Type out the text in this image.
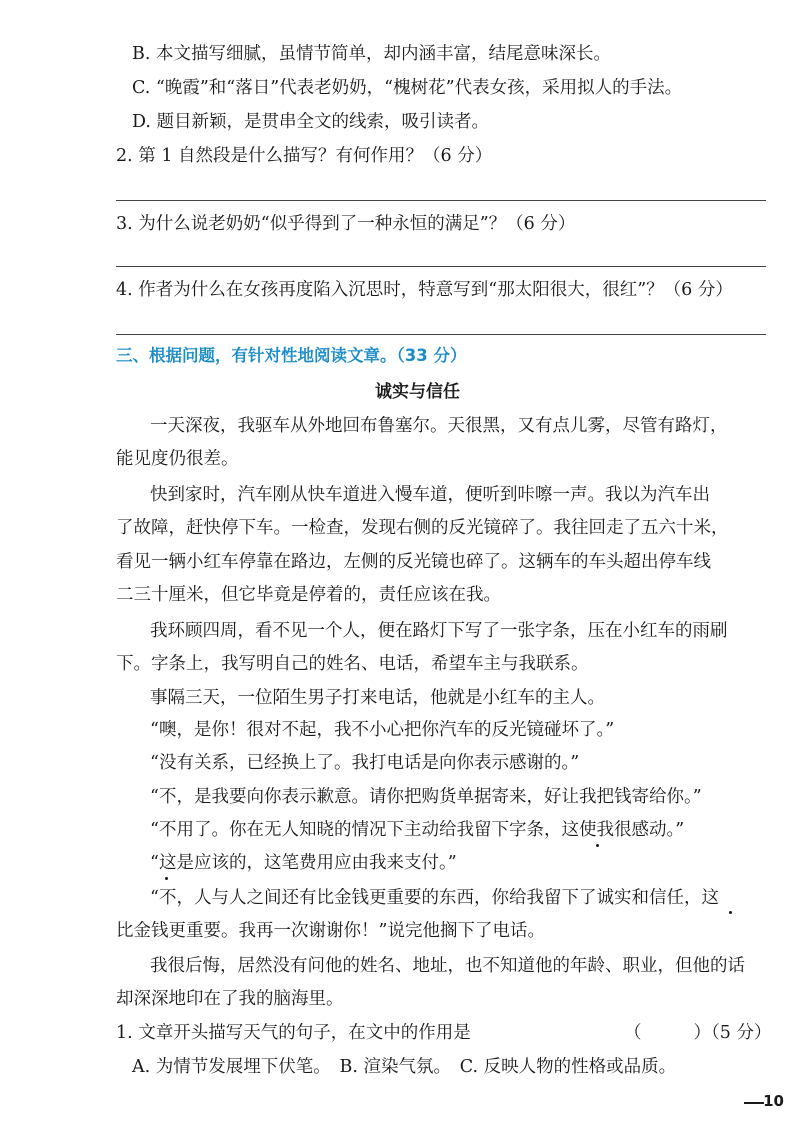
B. 本文描写细腻，虽情节简单，却内涵丰富，结尾意味深长。
C. “晚霞”和“落日”代表老奶奶，“槐树花”代表女孩，采用拟人的手法。
D. 题目新颖，是贯串全文的线索，吸引读者。
2. 第 1 自然段是什么描写？有何作用？（6 分）
3. 为什么说老奶奶“似乎得到了一种永恒的满足”？（6 分）
4. 作者为什么在女孩再度陷入沉思时，特意写到“那太阳很大，很红”？（6 分）
三、根据问题，有针对性地阅读文章。（33 分）
诚实与信任
一天深夜，我驱车从外地回布鲁塞尔。天很黑，又有点儿雾，尽管有路灯，
能见度仍很差。
快到家时，汽车刚从快车道进入慢车道，便听到咔嚓一声。我以为汽车出
了故障，赶快停下车。一检查，发现右侧的反光镜碎了。我往回走了五六十米，
看见一辆小红车停靠在路边，左侧的反光镜也碎了。这辆车的车头超出停车线
二三十厘米，但它毕竟是停着的，责任应该在我。
我环顾四周，看不见一个人，便在路灯下写了一张字条，压在小红车的雨刷
下。字条上，我写明自己的姓名、电话，希望车主与我联系。
事隔三天，一位陌生男子打来电话，他就是小红车的主人。
“噢，是你！很对不起，我不小心把你汽车的反光镜碰坏了。”
“没有关系，已经换上了。我打电话是向你表示感谢的。”
“不，是我要向你表示歉意。请你把购货单据寄来，好让我把钱寄给你。”
“不用了。你在无人知晓的情况下主动给我留下字条，这使我很感动。”
“这是应该的，这笔费用应由我来支付。”
“不，人与人之间还有比金钱更重要的东西，你给我留下了诚实和信任，这
比金钱更重要。我再一次谢谢你！”说完他搁下了电话。
我很后悔，居然没有问他的姓名、地址，也不知道他的年龄、职业，但他的话
却深深地印在了我的脑海里。
1. 文章开头描写天气的句子，在文中的作用是	（	）（5 分）
A. 为情节发展埋下伏笔。　B. 渲染气氛。　C. 反映人物的性格或品质。
10
